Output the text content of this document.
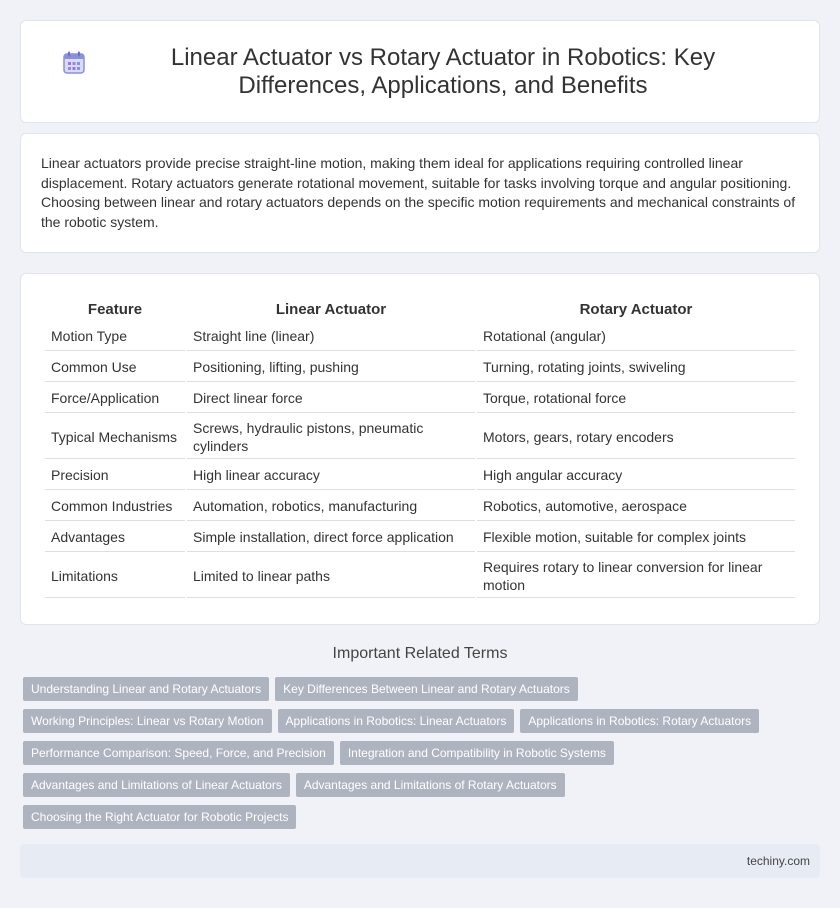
Linear Actuator vs Rotary Actuator in Robotics: Key Differences, Applications, and Benefits

Linear actuators provide precise straight-line motion, making them ideal for applications requiring controlled linear displacement. Rotary actuators generate rotational movement, suitable for tasks involving torque and angular positioning. Choosing between linear and rotary actuators depends on the specific motion requirements and mechanical constraints of the robotic system.

Feature	Linear Actuator	Rotary Actuator
Motion Type	Straight line (linear)	Rotational (angular)
Common Use	Positioning, lifting, pushing	Turning, rotating joints, swiveling
Force/Application	Direct linear force	Torque, rotational force
Typical Mechanisms	Screws, hydraulic pistons, pneumatic cylinders	Motors, gears, rotary encoders
Precision	High linear accuracy	High angular accuracy
Common Industries	Automation, robotics, manufacturing	Robotics, automotive, aerospace
Advantages	Simple installation, direct force application	Flexible motion, suitable for complex joints
Limitations	Limited to linear paths	Requires rotary to linear conversion for linear motion
Important Related Terms
Understanding Linear and Rotary Actuators	Key Differences Between Linear and Rotary Actuators
Working Principles: Linear vs Rotary Motion	Applications in Robotics: Linear Actuators	Applications in Robotics: Rotary Actuators
Performance Comparison: Speed, Force, and Precision	Integration and Compatibility in Robotic Systems
Advantages and Limitations of Linear Actuators	Advantages and Limitations of Rotary Actuators
Choosing the Right Actuator for Robotic Projects
techiny.com
